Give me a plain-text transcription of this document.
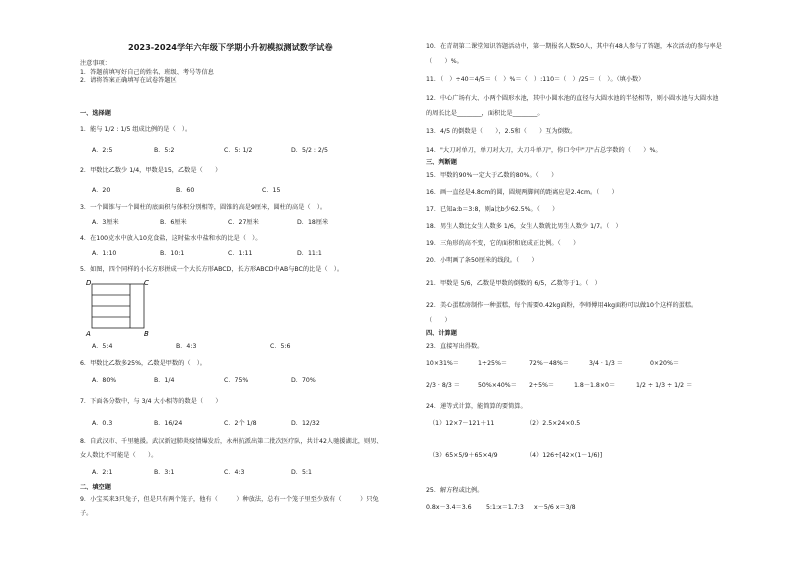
2023-2024学年六年级下学期小升初模拟测试数学试卷
注意事项：
1．答题前填写好自己的姓名、班级、考号等信息
2．请将答案正确填写在试卷答题区
一、选择题
1．能与 1/2 : 1/5 组成比例的是（　）。
A．2:5	B．5:2	C．5: 1/2	D．5/2 : 2/5
2．甲数比乙数少 1/4，甲数是15，乙数是（　　）
A．20	B．60	C．15
3．一个圆锥与一个圆柱的底面积与体积分别相等，圆锥的高是9厘米，圆柱的高是（　）。
A．3厘米	B．6厘米	C．27厘米	D．18厘米
4．在100克水中放入10克食盐，这时盐水中盐和水的比是（　）。
A．1:10	B．10:1	C．1:11	D．11:1
5．如图，四个同样的小长方形拼成一个大长方形ABCD，长方形ABCD中AB与BC的比是（　）。
D	C
A	B
A．5:4	B．4:3	C．5:6
6．甲数比乙数多25%，乙数是甲数的（　）。
A．80%	B．1/4	C．75%	D．70%
7．下面各分数中，与 3/4 大小相等的数是（　　）
A．0.3	B．16/24	C．2个 1/8	D．12/32
8．自武汉市、千里驰援。武汉新冠肺炎疫情爆发后，永州抗派出第二批次医疗队，共计42人驰援湖北，则男、
女人数比不可能是（　　）。
A．2:1	B．3:1	C．4:3	D．5:1
二、填空题
9．小宝买来3只兔子，但是只有两个笼子，他有（　　　）种放法，总有一个笼子里至少放有（　　　）只兔
子。
10．在青胡第二课堂知识答题活动中，第一期报名人数50人，其中有48人参与了答题，本次活动的参与率是
（　　）%。
11．（　）÷40＝4/5＝（　）%＝（　）:110＝（　）/25＝（　）。（填小数）
12．中心广场有大、小两个圆形水池，其中小圆水池的直径与大圆水池的半径相等，则小圆水池与大圆水池
的周长比是________，面积比是________。
13．4/5 的倒数是（　　），2.5和（　　）互为倒数。
14．"大刀对单刀，单刀对大刀，大刀斗单刀"，你口令中"刀"占总字数的（　　）%。
三、判断题
15．甲数的90%一定大于乙数的80%。（　　）
16．画一直径是4.8cm的圆，圆规两脚间的距离应是2.4cm。（　　）
17．已知a:b＝3:8，则a比b少62.5%。（　　）
18．男生人数比女生人数多 1/6，女生人数就比男生人数少 1/7。（　）
19．三角形的高不变，它的面积和底成正比例。（　　）
20．小明画了条50厘米的线段。（　　）
21．甲数是 5/6，乙数是甲数的倒数的 6/5，乙数等于1。（　）
22．美心蛋糕房制作一种蛋糕，每个需要0.42kg面粉，李师傅用4kg面粉可以做10个这样的蛋糕。
（　　）
四、计算题
23．直接写出得数。
10×31%＝	1÷25%＝	72%－48%＝	3/4 · 1/3 ＝	0×20%＝
2/3 · 8/3 ＝	50%×40%＝ 2÷5%＝	1.8－1.8×0＝	1/2 ÷ 1/3 ÷ 1/2 ＝
24．递等式计算，能简算的要简算。
（1）12×7－121＋11	（2）2.5×24×0.5
（3）65×5/9＋65×4/9	（4）126÷[42×(1－1/6)]
25．解方程或比例。
0.8x－3.4＝3.6 5:1:x＝1.7:3 x－5/6 x＝3/8
